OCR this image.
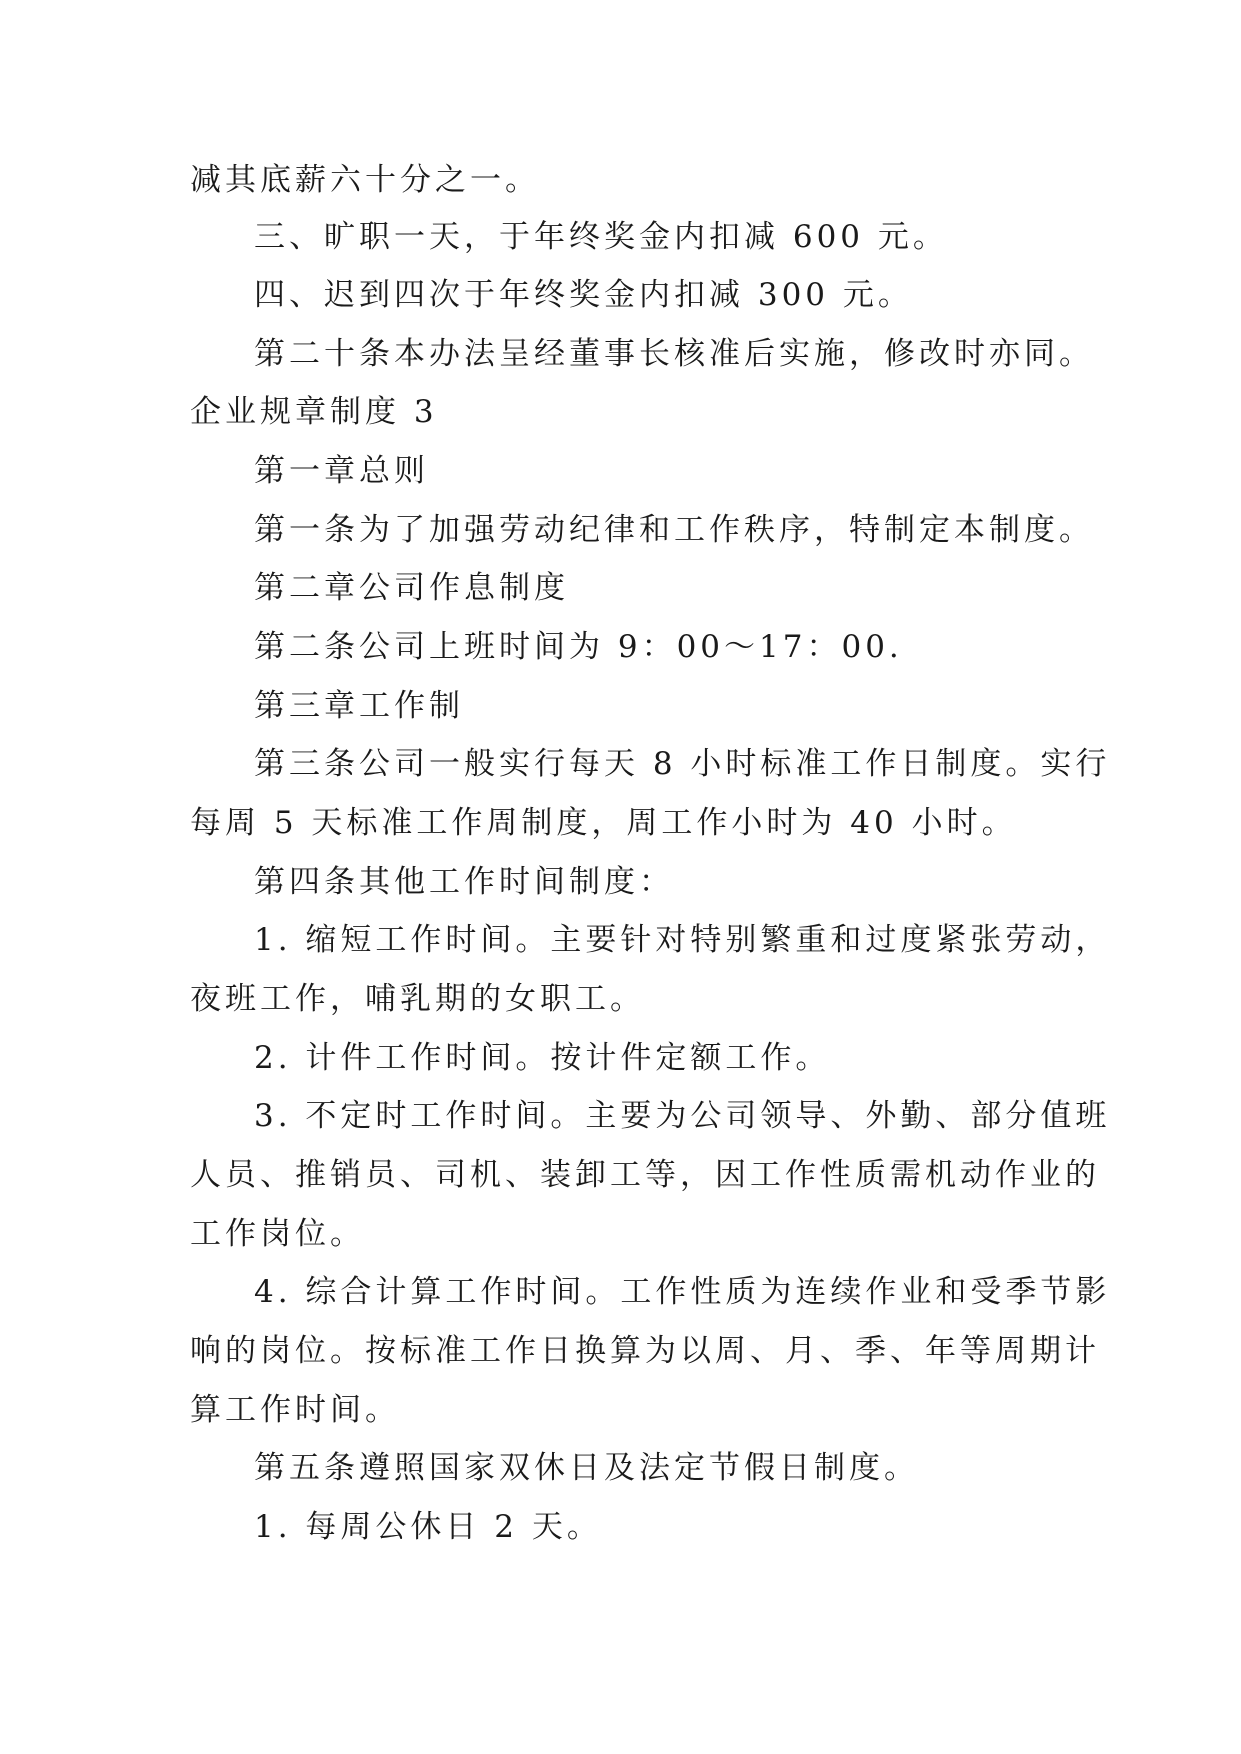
减其底薪六十分之一。
三、旷职一天，于年终奖金内扣减 600 元。
四、迟到四次于年终奖金内扣减 300 元。
第二十条本办法呈经董事长核准后实施，修改时亦同。
企业规章制度 3
第一章总则
第一条为了加强劳动纪律和工作秩序，特制定本制度。
第二章公司作息制度
第二条公司上班时间为 9：00～17：00.
第三章工作制
第三条公司一般实行每天 8 小时标准工作日制度。实行
每周 5 天标准工作周制度，周工作小时为 40 小时。
第四条其他工作时间制度：
1. 缩短工作时间。主要针对特别繁重和过度紧张劳动，
夜班工作，哺乳期的女职工。
2. 计件工作时间。按计件定额工作。
3. 不定时工作时间。主要为公司领导、外勤、部分值班
人员、推销员、司机、装卸工等，因工作性质需机动作业的
工作岗位。
4. 综合计算工作时间。工作性质为连续作业和受季节影
响的岗位。按标准工作日换算为以周、月、季、年等周期计
算工作时间。
第五条遵照国家双休日及法定节假日制度。
1. 每周公休日 2 天。
